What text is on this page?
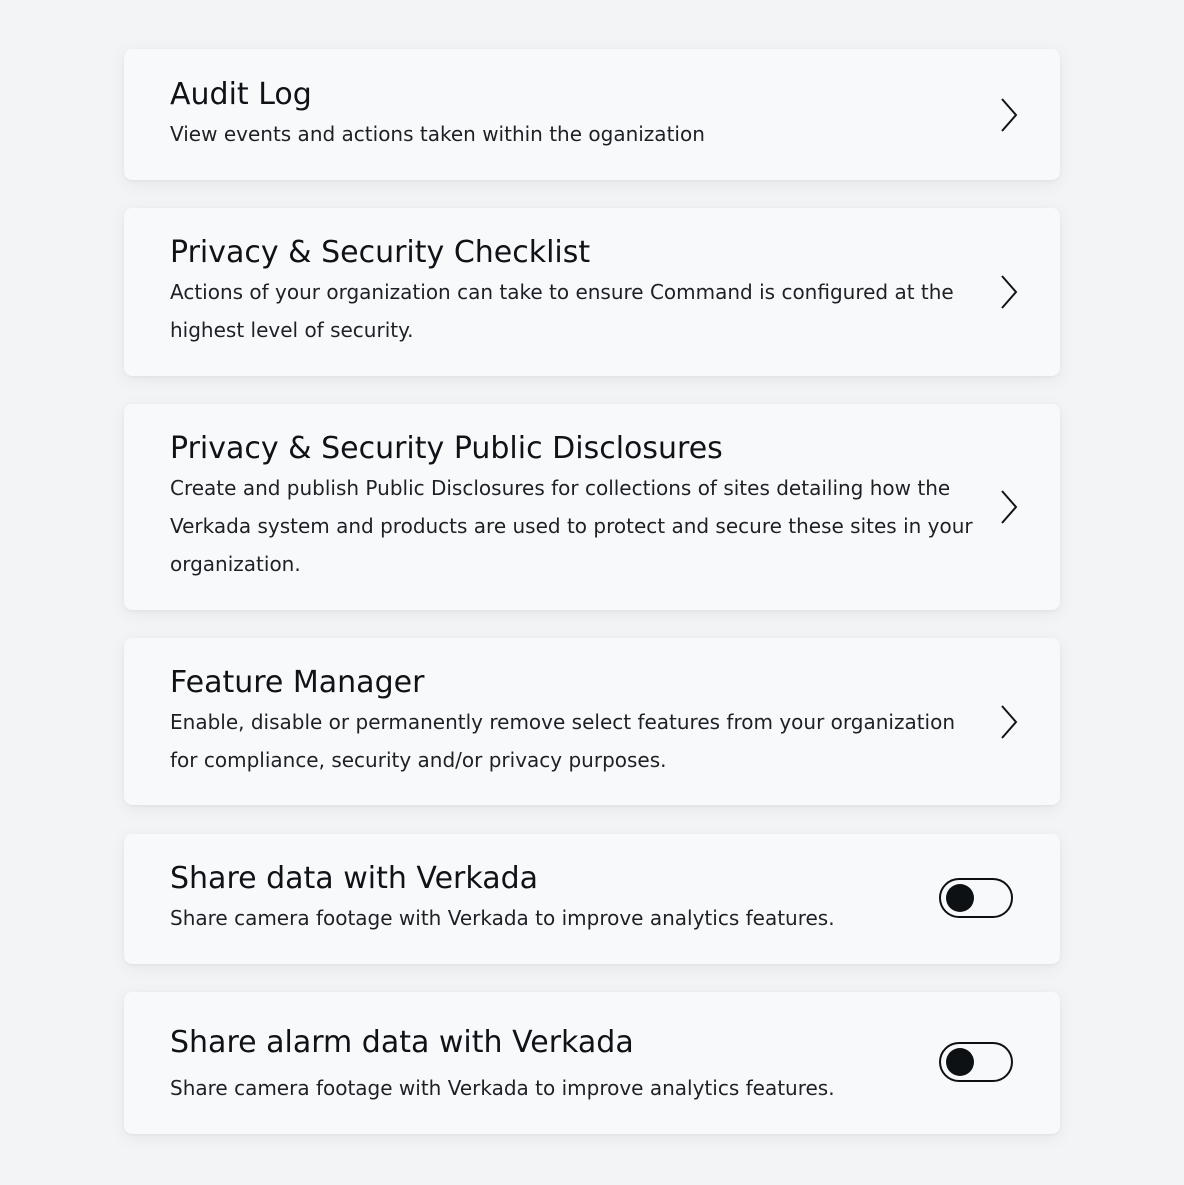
Audit Log

View events and actions taken within the oganization

Privacy & Security Checklist

Actions of your organization can take to ensure Command is configured at the highest level of security.

Privacy & Security Public Disclosures

Create and publish Public Disclosures for collections of sites detailing how the Verkada system and products are used to protect and secure these sites in your organization.

Feature Manager

Enable, disable or permanently remove select features from your organization for compliance, security and/or privacy purposes.

Share data with Verkada

Share camera footage with Verkada to improve analytics features.

Share alarm data with Verkada

Share camera footage with Verkada to improve analytics features.
